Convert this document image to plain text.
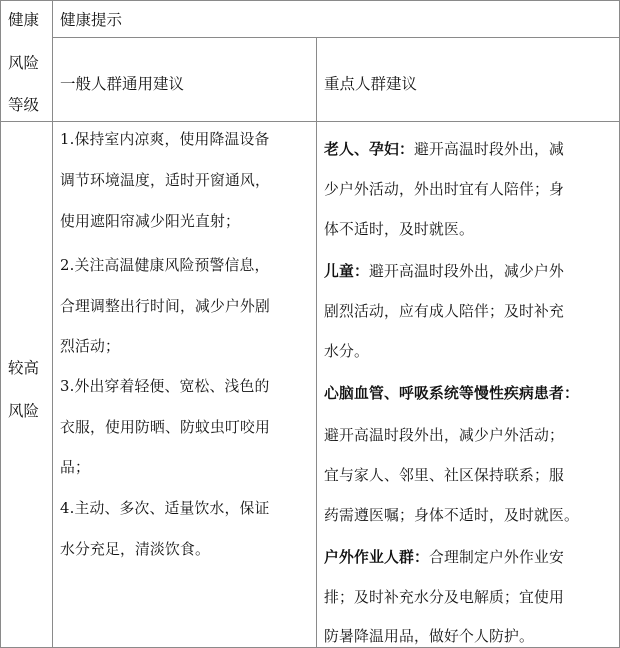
健康
风险
等级
健康提示
一般人群通用建议	重点人群建议
较高
风险
1.保持室内凉爽，使用降温设备
调节环境温度，适时开窗通风，
使用遮阳帘减少阳光直射；
2.关注高温健康风险预警信息，
合理调整出行时间，减少户外剧
烈活动；
3.外出穿着轻便、宽松、浅色的
衣服，使用防晒、防蚊虫叮咬用
品；
4.主动、多次、适量饮水，保证
水分充足，清淡饮食。
老人、孕妇：避开高温时段外出，减
少户外活动，外出时宜有人陪伴；身
体不适时，及时就医。
儿童：避开高温时段外出，减少户外
剧烈活动，应有成人陪伴；及时补充
水分。
心脑血管、呼吸系统等慢性疾病患者：
避开高温时段外出，减少户外活动；
宜与家人、邻里、社区保持联系；服
药需遵医嘱；身体不适时，及时就医。
户外作业人群：合理制定户外作业安
排；及时补充水分及电解质；宜使用
防暑降温用品，做好个人防护。
